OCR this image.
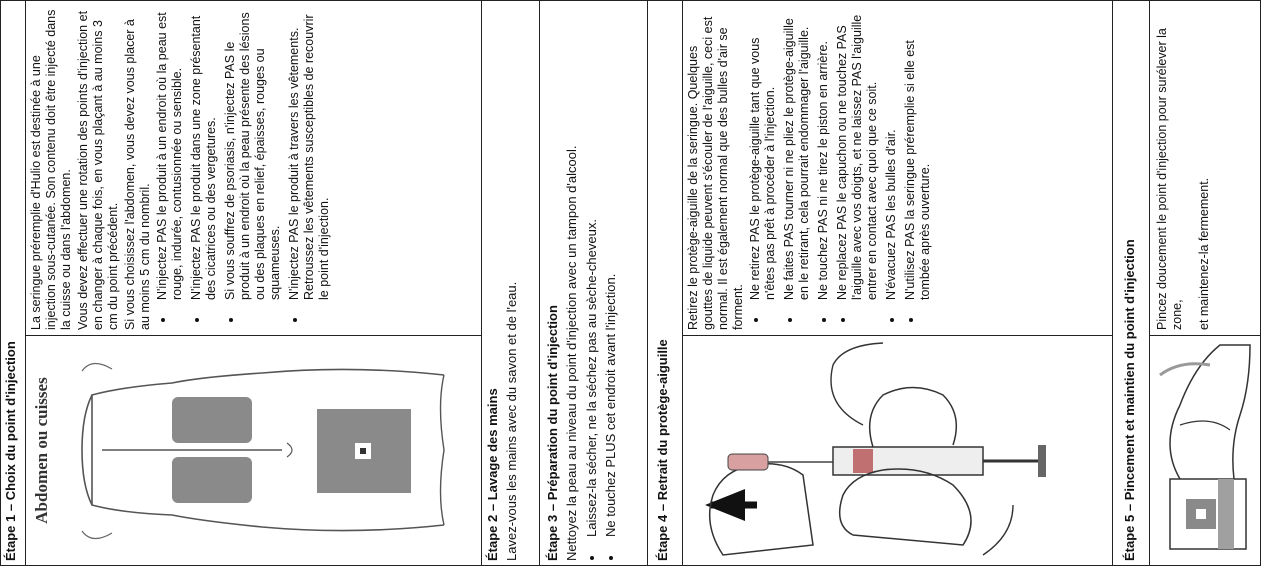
Étape 1 – Choix du point d'injection Abdomen ou cuisses

La seringue préremplie d'Hulio est destinée à une injection sous-cutanée. Son contenu doit être injecté dans la cuisse ou dans l'abdomen. Vous devez effectuer une rotation des points d'injection et en changer à chaque fois, en vous plaçant à au moins 3 cm du point précédent. Si vous choisissez l'abdomen, vous devez vous placer à au moins 5 cm du nombril. • N'injectez PAS le produit à un endroit où la peau est rouge, indurée, contusionnée ou sensible. • N'injectez PAS le produit dans une zone présentant des cicatrices ou des vergetures. • Si vous souffrez de psoriasis, n'injectez PAS le produit à un endroit où la peau présente des lésions ou des plaques en relief, épaisses, rouges ou squameuses. • N'injectez PAS le produit à travers les vêtements. Retroussez les vêtements susceptibles de recouvrir le point d'injection.
Étape 2 – Lavage des mains Lavez-vous les mains avec du savon et de l'eau.	Étape 3 – Préparation du point d'injection Nettoyez la peau au niveau du point d'injection avec un tampon d'alcool. • Laissez-la sécher, ne la séchez pas au sèche-cheveux. • Ne touchez PLUS cet endroit avant l'injection.	Étape 4 – Retrait du protège-aiguille

Retirez le protège-aiguille de la seringue. Quelques gouttes de liquide peuvent s'écouler de l'aiguille, ceci est normal. Il est également normal que des bulles d'air se forment.

• Ne retirez PAS le protège-aiguille tant que vous n'êtes pas prêt à procéder à l'injection. • Ne faites PAS tourner ni ne pliez le protège-aiguille en le retirant, cela pourrait endommager l'aiguille. • Ne touchez PAS ni ne tirez le piston en arrière. • Ne replacez PAS le capuchon ou ne touchez PAS l'aiguille avec vos doigts, et ne laissez PAS l'aiguille entrer en contact avec quoi que ce soit. • N'évacuez PAS les bulles d'air. • N'utilisez PAS la seringue préremplie si elle est tombée après ouverture.
Étape 5 – Pincement et maintien du point d'injection

Pincez doucement le point d'injection pour surélever la zone, et maintenez-la fermement.
